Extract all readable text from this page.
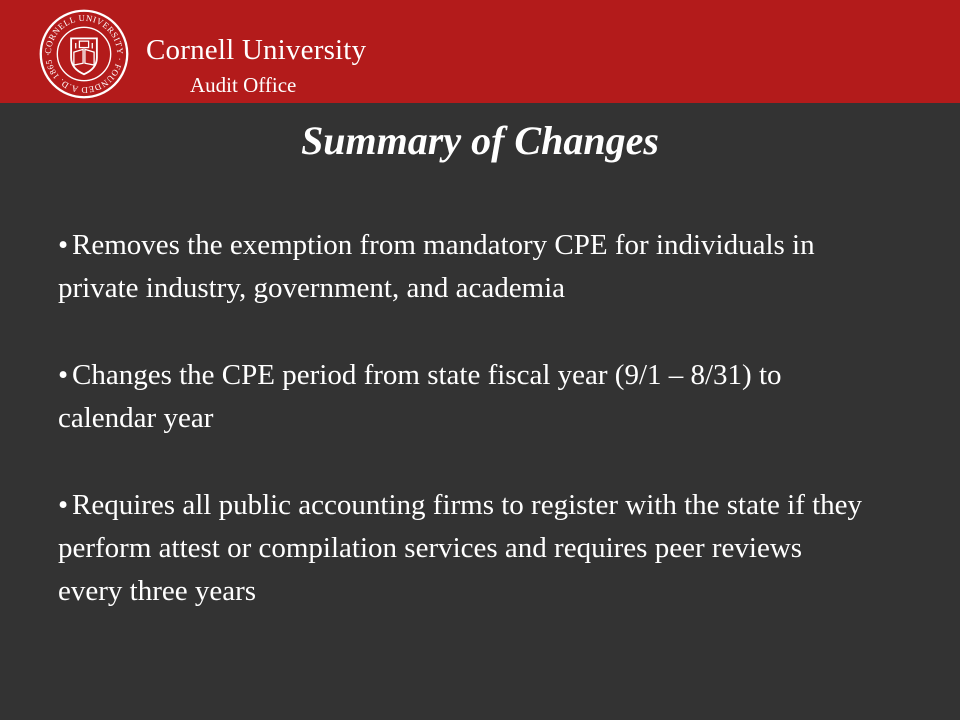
CORNELL UNIVERSITY · FOUNDED A.D. 1865 ·	Cornell University
Audit Office
Summary of Changes
• Removes the exemption from mandatory CPE for individuals in private industry, government, and academia
• Changes the CPE period from state fiscal year (9/1 – 8/31) to calendar year
• Requires all public accounting firms to register with the state if they perform attest or compilation services and requires peer reviews every three years
